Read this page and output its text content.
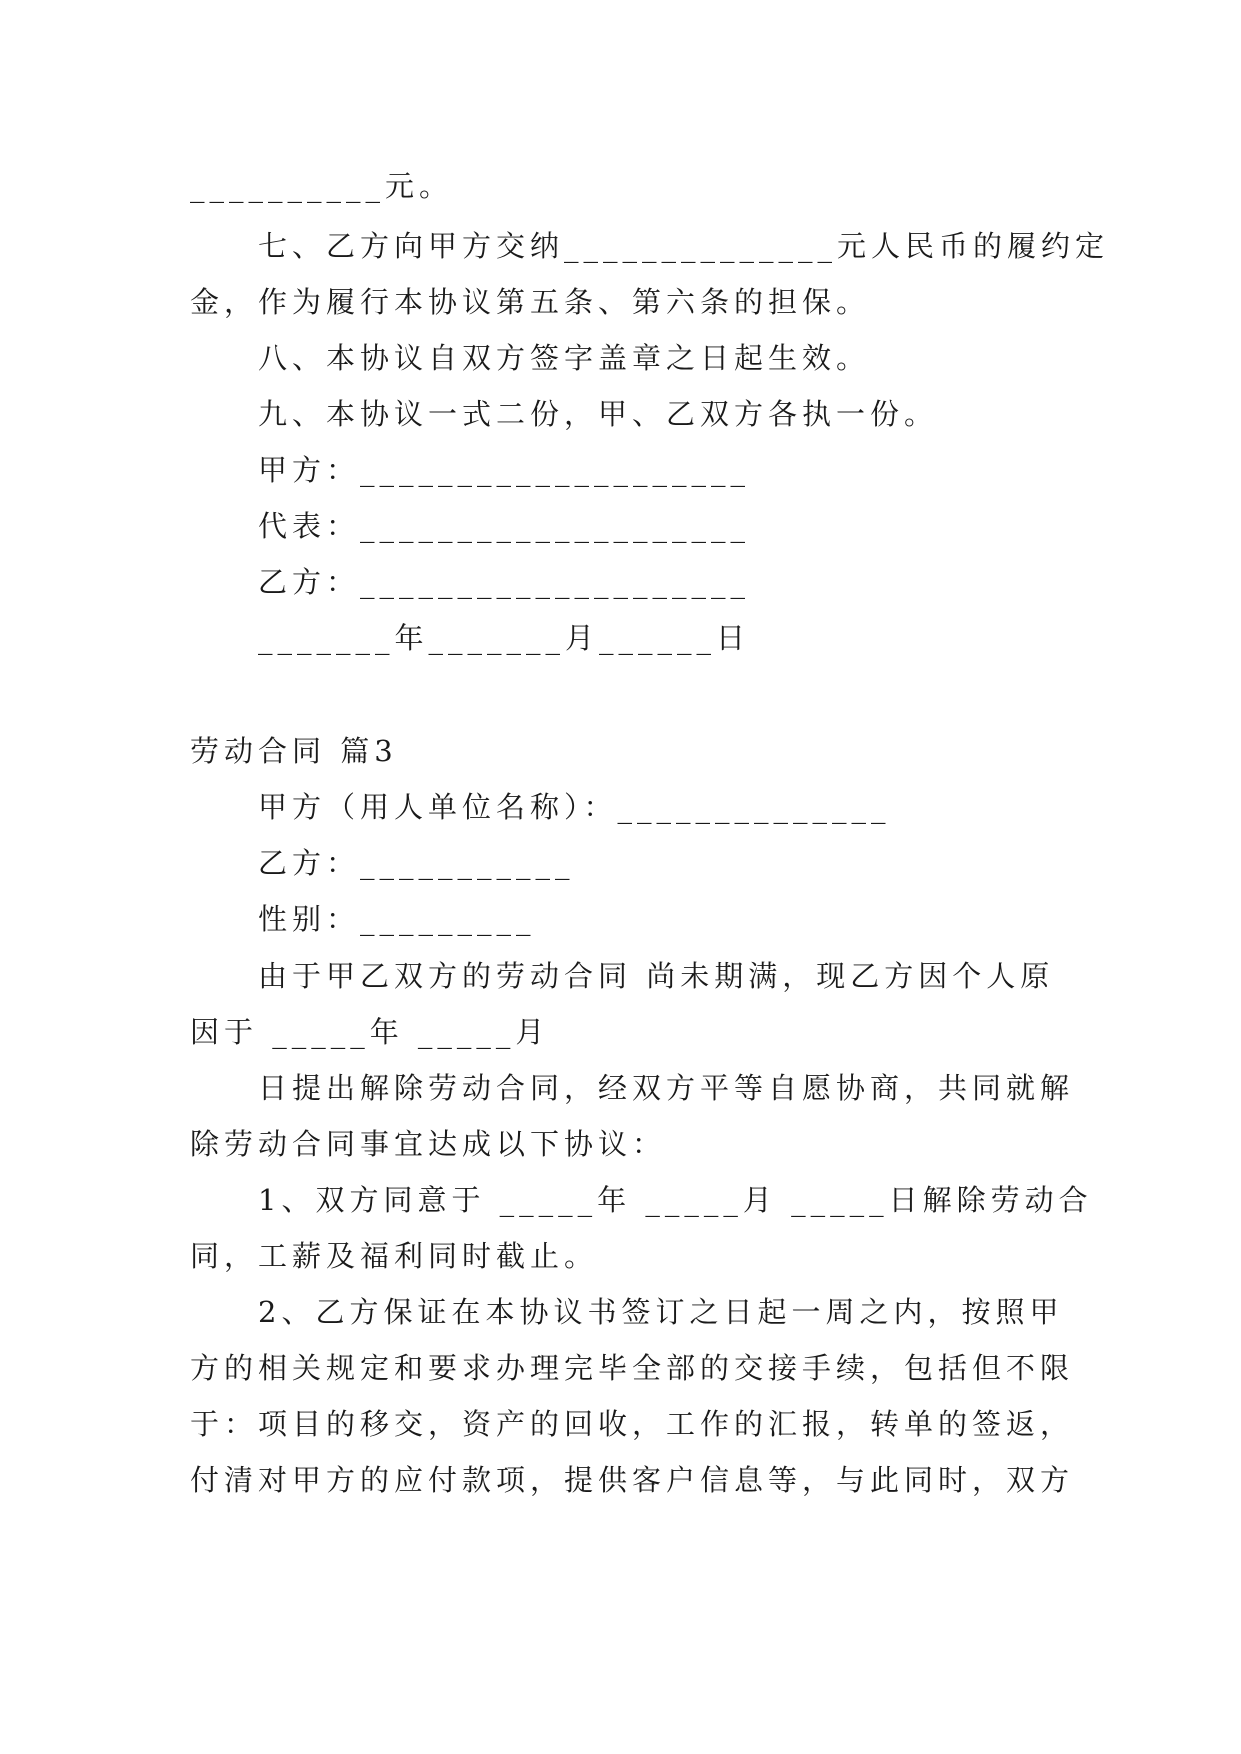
__________元。
七、乙方向甲方交纳______________元人民币的履约定
金，作为履行本协议第五条、第六条的担保。
八、本协议自双方签字盖章之日起生效。
九、本协议一式二份，甲、乙双方各执一份。
甲方：____________________
代表：____________________
乙方：____________________
_______年_______月______日
劳动合同 篇3
甲方（用人单位名称）：______________
乙方：___________
性别：_________
由于甲乙双方的劳动合同 尚未期满，现乙方因个人原
因于 _____年 _____月
日提出解除劳动合同，经双方平等自愿协商，共同就解
除劳动合同事宜达成以下协议：
1、双方同意于 _____年 _____月 _____日解除劳动合
同，工薪及福利同时截止。
2、乙方保证在本协议书签订之日起一周之内，按照甲
方的相关规定和要求办理完毕全部的交接手续，包括但不限
于：项目的移交，资产的回收，工作的汇报，转单的签返，
付清对甲方的应付款项，提供客户信息等，与此同时，双方
